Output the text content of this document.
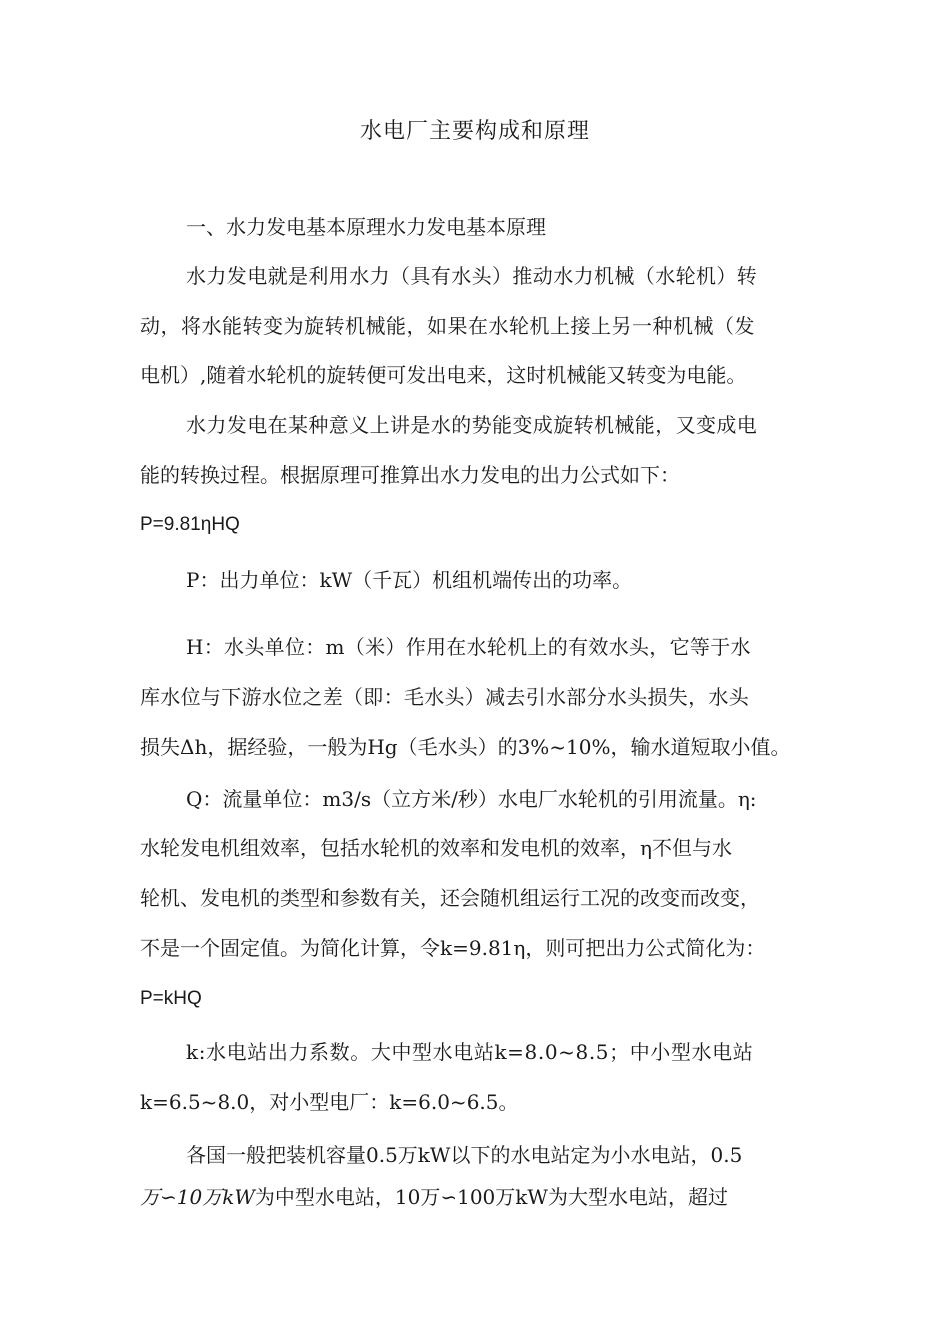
水电厂主要构成和原理
一、水力发电基本原理水力发电基本原理
水力发电就是利用水力（具有水头）推动水力机械（水轮机）转
动，将水能转变为旋转机械能，如果在水轮机上接上另一种机械（发
电机）,随着水轮机的旋转便可发出电来，这时机械能又转变为电能。
水力发电在某种意义上讲是水的势能变成旋转机械能，又变成电
能的转换过程。根据原理可推算出水力发电的出力公式如下：
P=9.81ηHQ
P：出力单位：kW（千瓦）机组机端传出的功率。
H：水头单位：m（米）作用在水轮机上的有效水头，它等于水
库水位与下游水位之差（即：毛水头）减去引水部分水头损失，水头
损失Δh，据经验，一般为Hg（毛水头）的3%~10%，输水道短取小值。
Q：流量单位：m3/s（立方米/秒）水电厂水轮机的引用流量。η:
水轮发电机组效率，包括水轮机的效率和发电机的效率，η不但与水
轮机、发电机的类型和参数有关，还会随机组运行工况的改变而改变，
不是一个固定值。为简化计算，令k=9.81η，则可把出力公式简化为：
P=kHQ
k:水电站出力系数。大中型水电站k=8.0~8.5；中小型水电站
k=6.5~8.0，对小型电厂：k=6.0~6.5。
各国一般把装机容量0.5万kW以下的水电站定为小水电站，0.5
万∽10万kW为中型水电站，10万∽100万kW为大型水电站，超过
